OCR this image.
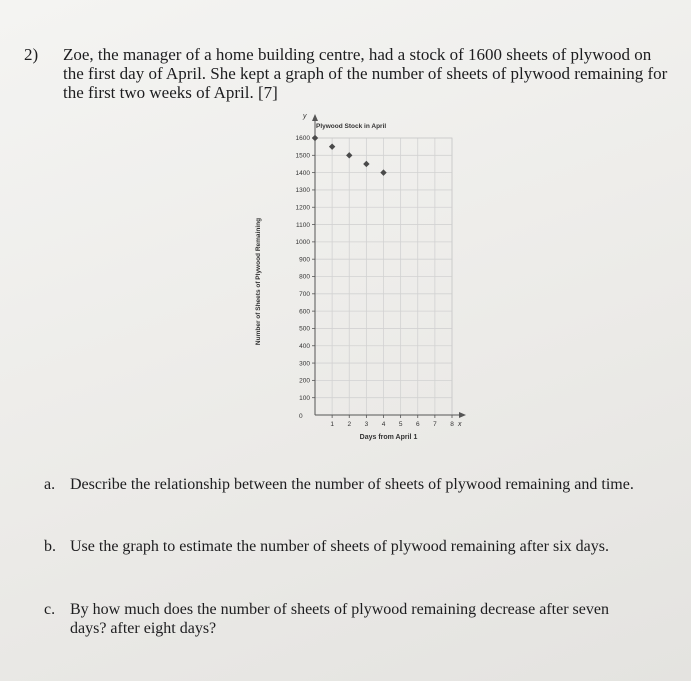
2) Zoe, the manager of a home building centre, had a stock of 1600 sheets of plywood on
the first day of April. She kept a graph of the number of sheets of plywood remaining for
the first two weeks of April. [7]
Plywood Stock in April
y
x
0
100
200
300
400
500
600
700
800
900
1000
1100
1200
1300
1400
1500
1600
1 2 3 4 5 6 7 8
Days from April 1
Number of Sheets of Plywood Remaining
a. Describe the relationship between the number of sheets of plywood remaining and time.
b. Use the graph to estimate the number of sheets of plywood remaining after six days.
c. By how much does the number of sheets of plywood remaining decrease after seven
days? after eight days?
